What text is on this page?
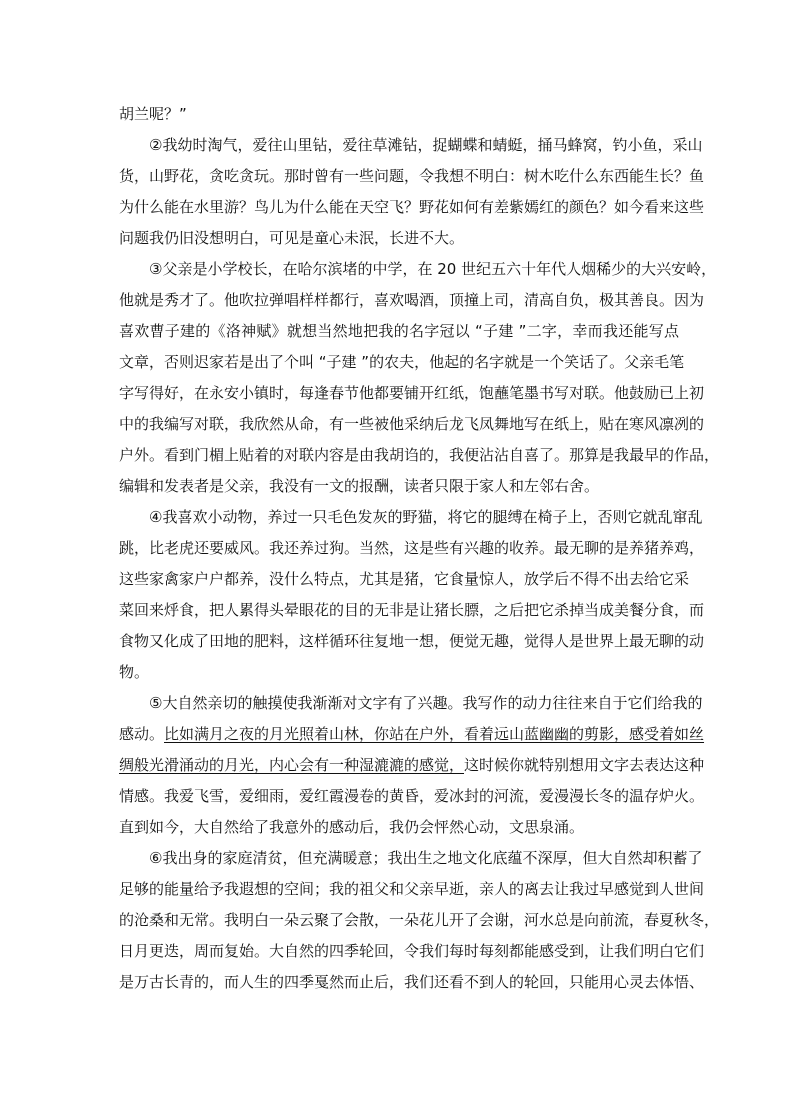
胡兰呢？”
②我幼时淘气，爱往山里钻，爱往草滩钻，捉蝴蝶和蜻蜓，捅马蜂窝，钓小鱼，采山
货，山野花，贪吃贪玩。那时曾有一些问题，令我想不明白：树木吃什么东西能生长？鱼
为什么能在水里游？鸟儿为什么能在天空飞？野花如何有差紫嫣红的颜色？如今看来这些
问题我仍旧没想明白，可见是童心未泯，长进不大。
③父亲是小学校长，在哈尔滨堵的中学，在 20 世纪五六十年代人烟稀少的大兴安岭，
他就是秀才了。他吹拉弹唱样样都行，喜欢喝酒，顶撞上司，清高自负，极其善良。因为
喜欢曹子建的《洛神赋》就想当然地把我的名字冠以 “子建 ”二字，幸而我还能写点
文章，否则迟家若是出了个叫 “子建 ”的农夫，他起的名字就是一个笑话了。父亲毛笔
字写得好，在永安小镇时，每逢春节他都要铺开红纸，饱蘸笔墨书写对联。他鼓励已上初
中的我编写对联，我欣然从命，有一些被他采纳后龙飞凤舞地写在纸上，贴在寒风凛冽的
户外。看到门楣上贴着的对联内容是由我胡诌的，我便沾沾自喜了。那算是我最早的作品，
编辑和发表者是父亲，我没有一文的报酬，读者只限于家人和左邻右舍。
④我喜欢小动物，养过一只毛色发灰的野猫，将它的腿缚在椅子上，否则它就乱窜乱
跳，比老虎还要威风。我还养过狗。当然，这是些有兴趣的收养。最无聊的是养猪养鸡，
这些家禽家户户都养，没什么特点，尤其是猪，它食量惊人，放学后不得不出去给它采
菜回来烀食，把人累得头晕眼花的目的无非是让猪长膘，之后把它杀掉当成美餐分食，而
食物又化成了田地的肥料，这样循环往复地一想，便觉无趣，觉得人是世界上最无聊的动
物。
⑤大自然亲切的触摸使我渐渐对文字有了兴趣。我写作的动力往往来自于它们给我的
感动。比如满月之夜的月光照着山林，你站在户外，看着远山蓝幽幽的剪影，感受着如丝
绸般光滑涌动的月光，内心会有一种湿漉漉的感觉，这时候你就特别想用文字去表达这种
情感。我爱飞雪，爱细雨，爱红霞漫卷的黄昏，爱冰封的河流，爱漫漫长冬的温存炉火。
直到如今，大自然给了我意外的感动后，我仍会怦然心动，文思泉涌。
⑥我出身的家庭清贫，但充满暖意；我出生之地文化底蕴不深厚，但大自然却积蓄了
足够的能量给予我遐想的空间；我的祖父和父亲早逝，亲人的离去让我过早感觉到人世间
的沧桑和无常。我明白一朵云聚了会散，一朵花儿开了会谢，河水总是向前流，春夏秋冬，
日月更迭，周而复始。大自然的四季轮回，令我们每时每刻都能感受到，让我们明白它们
是万古长青的，而人生的四季戛然而止后，我们还看不到人的轮回，只能用心灵去体悟、
